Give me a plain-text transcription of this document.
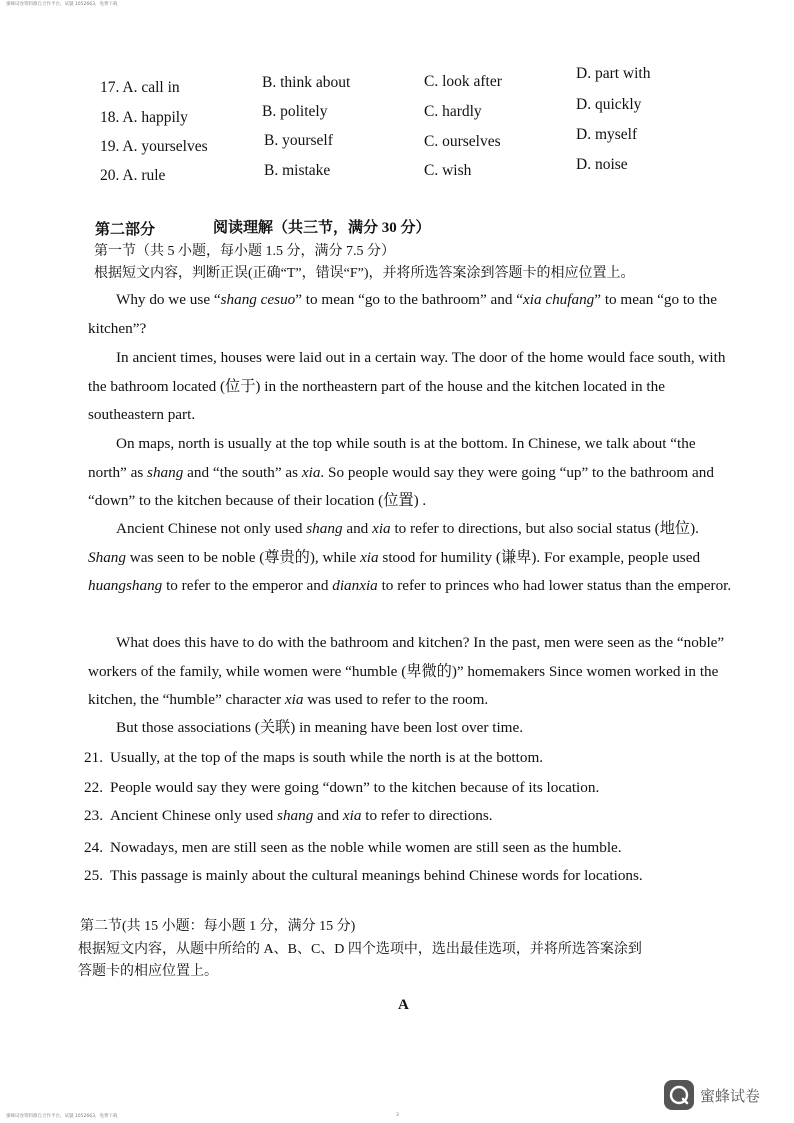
蜜蜂试卷资料源自合作平台，试题 1052663，免费下载
17. A. call in	B. think about	C. look after	D. part with
18. A. happily	B. politely	C. hardly	D. quickly
19. A. yourselves	B. yourself	C. ourselves	D. myself
20. A. rule	B. mistake	C. wish	D. noise
第二部分	阅读理解（共三节，满分 30 分）
第一节（共 5 小题，每小题 1.5 分，满分 7.5 分）
根据短文内容，判断正误(正确“T”，错误“F”)，并将所选答案涂到答题卡的相应位置上。
Why do we use “shang cesuo” to mean “go to the bathroom” and “xia chufang” to mean “go to the kitchen”?
In ancient times, houses were laid out in a certain way. The door of the home would face south, with the bathroom located (位于) in the northeastern part of the house and the kitchen located in the southeastern part.
On maps, north is usually at the top while south is at the bottom. In Chinese, we talk about “the north” as shang and “the south” as xia. So people would say they were going “up” to the bathroom and “down” to the kitchen because of their location (位置) .
Ancient Chinese not only used shang and xia to refer to directions, but also social status (地位). Shang was seen to be noble (尊贵的), while xia stood for humility (谦卑). For example, people used huangshang to refer to the emperor and dianxia to refer to princes who had lower status than the emperor.
What does this have to do with the bathroom and kitchen? In the past, men were seen as the “noble” workers of the family, while women were “humble (卑微的)” homemakers Since women worked in the kitchen, the “humble” character xia was used to refer to the room.
But those associations (关联) in meaning have been lost over time.
21. Usually, at the top of the maps is south while the north is at the bottom.
22. People would say they were going “down” to the kitchen because of its location.
23. Ancient Chinese only used shang and xia to refer to directions.
24. Nowadays, men are still seen as the noble while women are still seen as the humble.
25. This passage is mainly about the cultural meanings behind Chinese words for locations.
第二节(共 15 小题：每小题 1 分，满分 15 分)
根据短文内容，从题中所给的 A、B、C、D 四个选项中，选出最佳选项，并将所选答案涂到
答题卡的相应位置上。
A
蜜蜂试卷
蜜蜂试卷资料源自合作平台，试题 1052663，免费下载	3
